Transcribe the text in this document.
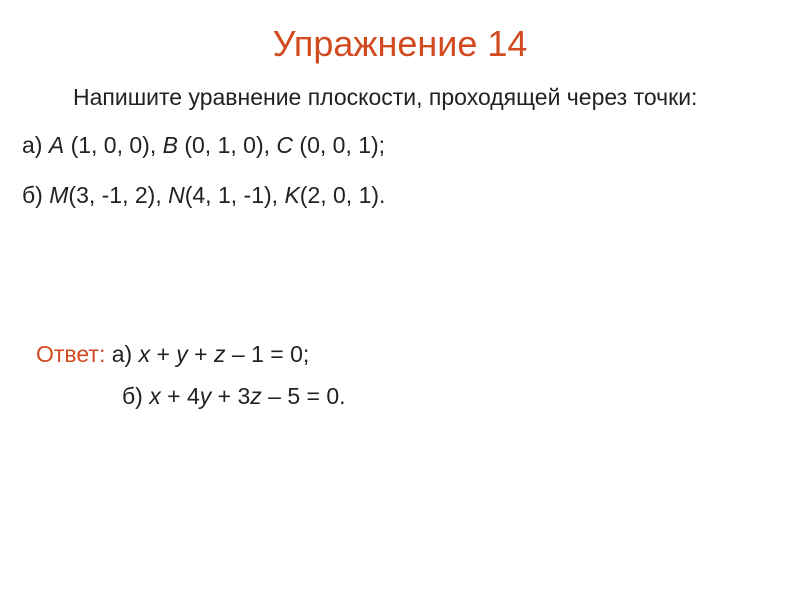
Упражнение 14
Напишите уравнение плоскости, проходящей через точки:
а) A (1, 0, 0), B (0, 1, 0), C (0, 0, 1);
б) M(3, -1, 2), N(4, 1, -1), K(2, 0, 1).
Ответ: а) x + y + z – 1 = 0;
б) x + 4y + 3z – 5 = 0.
